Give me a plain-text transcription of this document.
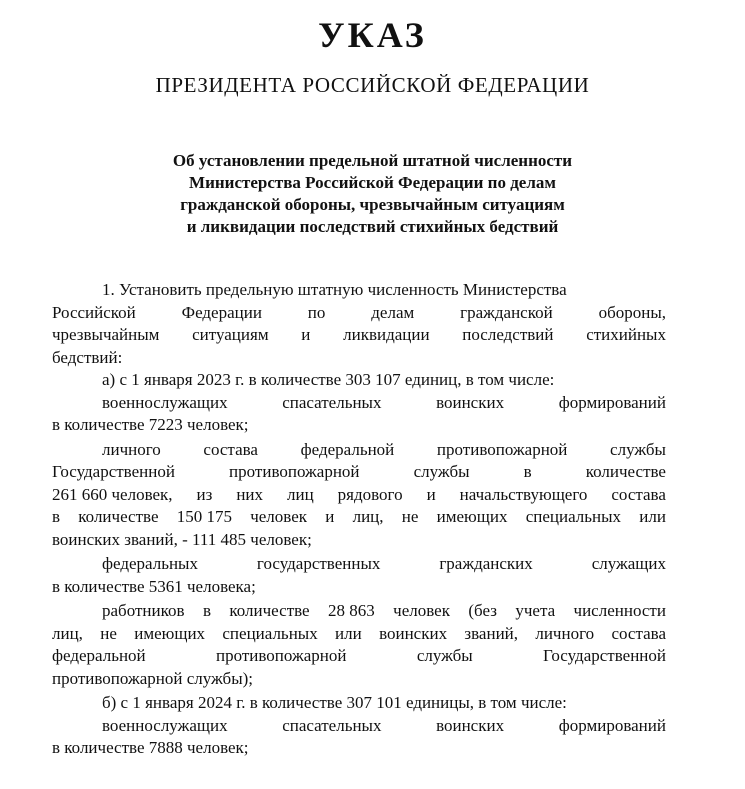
УКАЗ
ПРЕЗИДЕНТА РОССИЙСКОЙ ФЕДЕРАЦИИ
Об установлении предельной штатной численности
Министерства Российской Федерации по делам
гражданской обороны, чрезвычайным ситуациям
и ликвидации последствий стихийных бедствий
1. Установить предельную штатную численность Министерства
Российской	Федерации	по	делам	гражданской	обороны,
чрезвычайным ситуациям и ликвидации последствий стихийных
бедствий:
а) с 1 января 2023 г. в количестве 303 107 единиц, в том числе:
военнослужащих	спасательных	воинских	формирований
в количестве 7223 человек;
личного	состава	федеральной	противопожарной	службы
Государственной	противопожарной	службы	в	количестве
261 660 человек, из них лиц рядового и начальствующего состава
в количестве 150 175 человек и лиц, не имеющих специальных или
воинских званий, - 111 485 человек;
федеральных	государственных	гражданских	служащих
в количестве 5361 человека;
работников в количестве 28 863 человек (без учета численности
лиц, не имеющих специальных или воинских званий, личного состава
федеральной	противопожарной	службы	Государственной
противопожарной службы);
б) с 1 января 2024 г. в количестве 307 101 единицы, в том числе:
военнослужащих	спасательных	воинских	формирований
в количестве 7888 человек;
